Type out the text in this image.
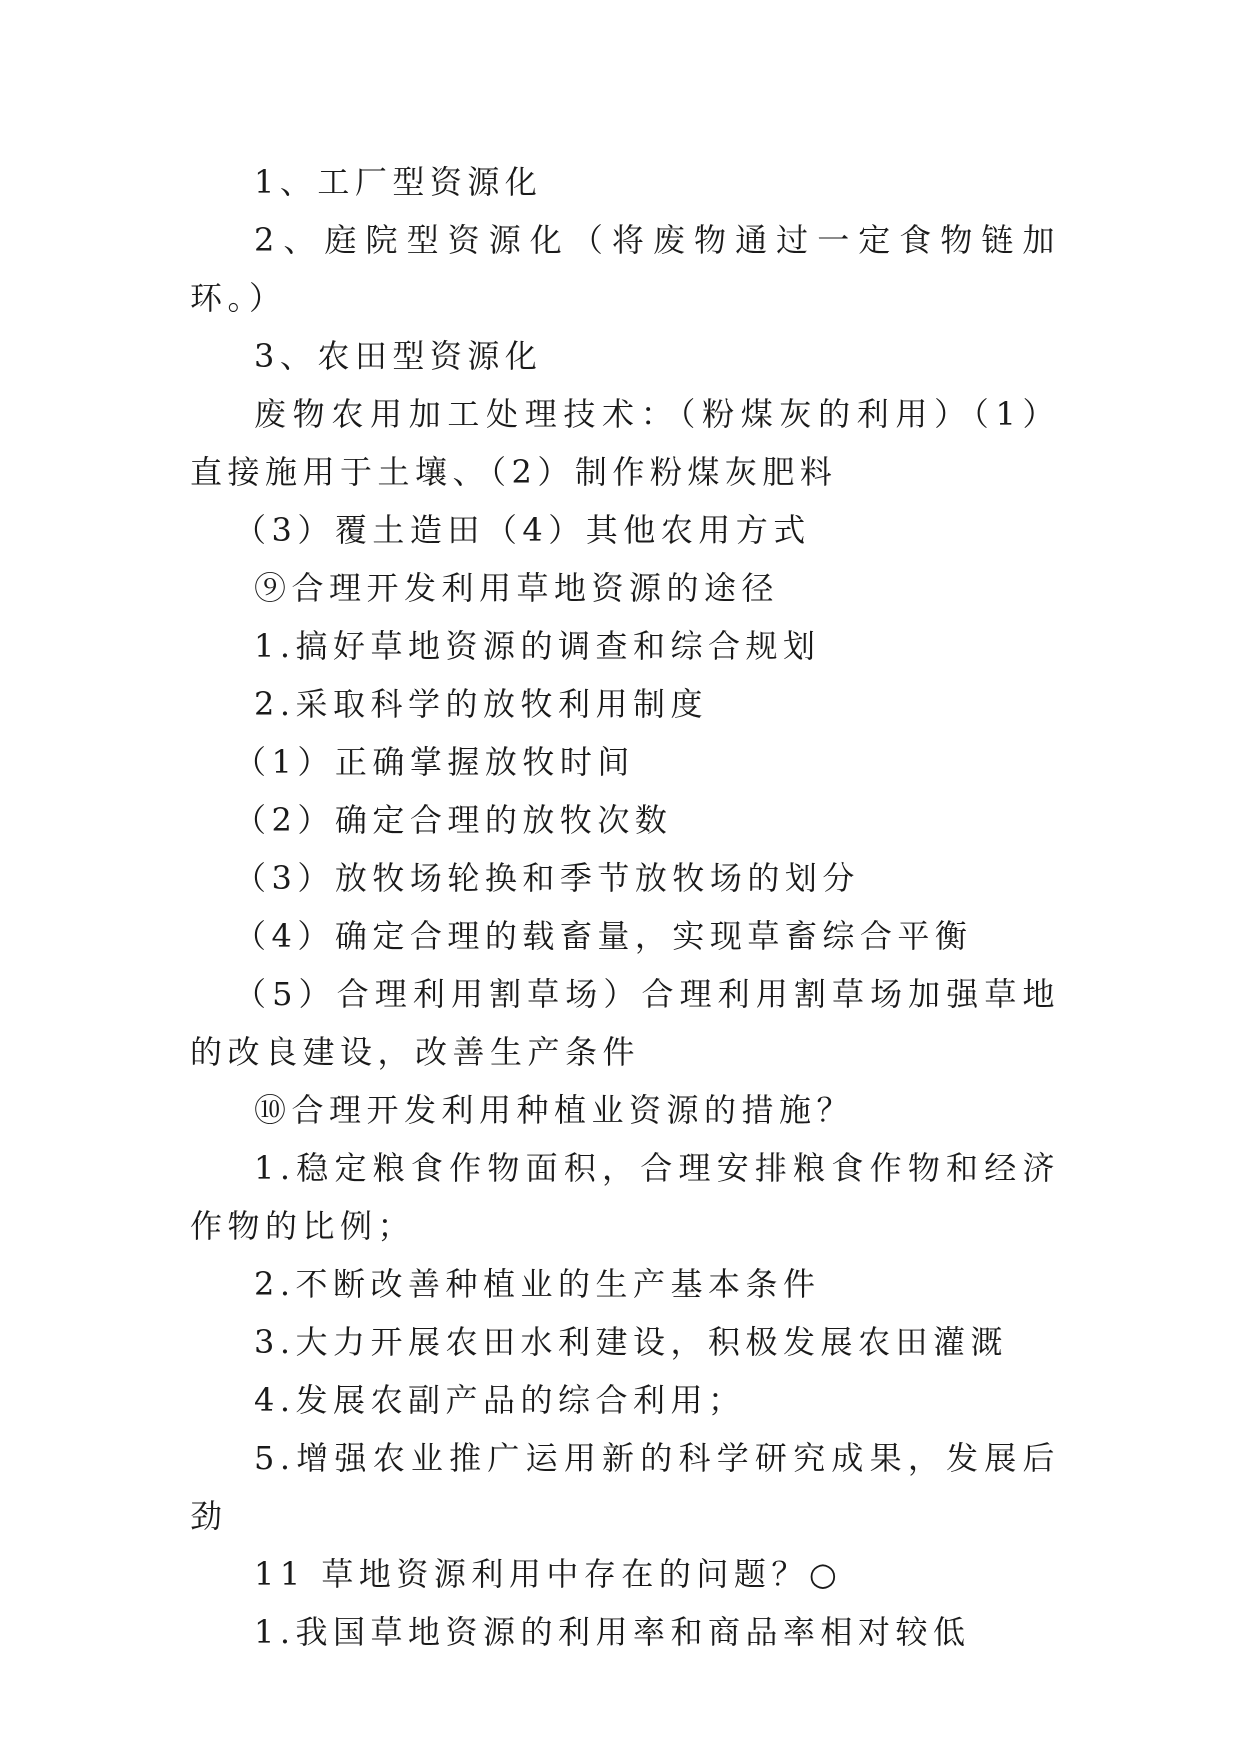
1、工厂型资源化

2、庭院型资源化（将废物通过一定食物链加环。）

3、农田型资源化

废物农用加工处理技术：（粉煤灰的利用）（1）直接施用于土壤、（2）制作粉煤灰肥料

（3）覆土造田（4）其他农用方式

⑨合理开发利用草地资源的途径

1.搞好草地资源的调查和综合规划

2.采取科学的放牧利用制度

（1）正确掌握放牧时间

（2）确定合理的放牧次数

（3）放牧场轮换和季节放牧场的划分

（4）确定合理的载畜量，实现草畜综合平衡

（5）合理利用割草场）合理利用割草场加强草地的改良建设，改善生产条件

⑩合理开发利用种植业资源的措施？

1.稳定粮食作物面积，合理安排粮食作物和经济作物的比例；

2.不断改善种植业的生产基本条件

3.大力开展农田水利建设，积极发展农田灌溉

4.发展农副产品的综合利用；

5.增强农业推广运用新的科学研究成果，发展后劲

11 草地资源利用中存在的问题？○

1.我国草地资源的利用率和商品率相对较低
